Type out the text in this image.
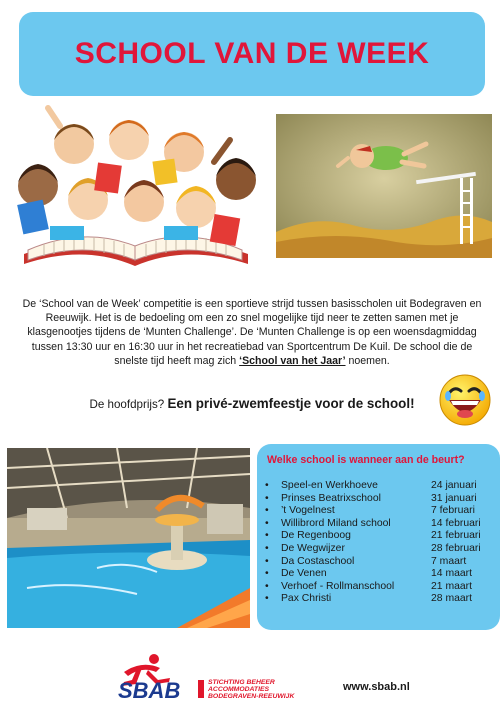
SCHOOL VAN DE WEEK
De ‘School van de Week’ competitie is een sportieve strijd tussen basisscholen uit Bodegraven en Reeuwijk. Het is de bedoeling om een zo snel mogelijke tijd neer te zetten samen met je klasgenootjes tijdens de ‘Munten Challenge’. De ‘Munten Challenge is op een woensdagmiddag tussen 13:30 uur en 16:30 uur in het recreatiebad van Sportcentrum De Kuil. De school die de snelste tijd heeft mag zich ‘School van het Jaar’ noemen.
De hoofdprijs? Een privé-zwemfeestje voor de school!
Welke school is wanneer aan de beurt?
•	Speel-en Werkhoeve	24 januari
•	Prinses Beatrixschool	31 januari
•	’t Vogelnest	7 februari
•	Willibrord Miland school	14 februari
•	De Regenboog	21 februari
•	De Wegwijzer	28 februari
•	Da Costaschool	7 maart
•	De Venen	14 maart
•	Verhoef - Rollmanschool	21 maart
•	Pax Christi	28 maart
SBAB	STICHTING BEHEER
ACCOMMODATIES
BODEGRAVEN-REEUWIJK
www.sbab.nl
